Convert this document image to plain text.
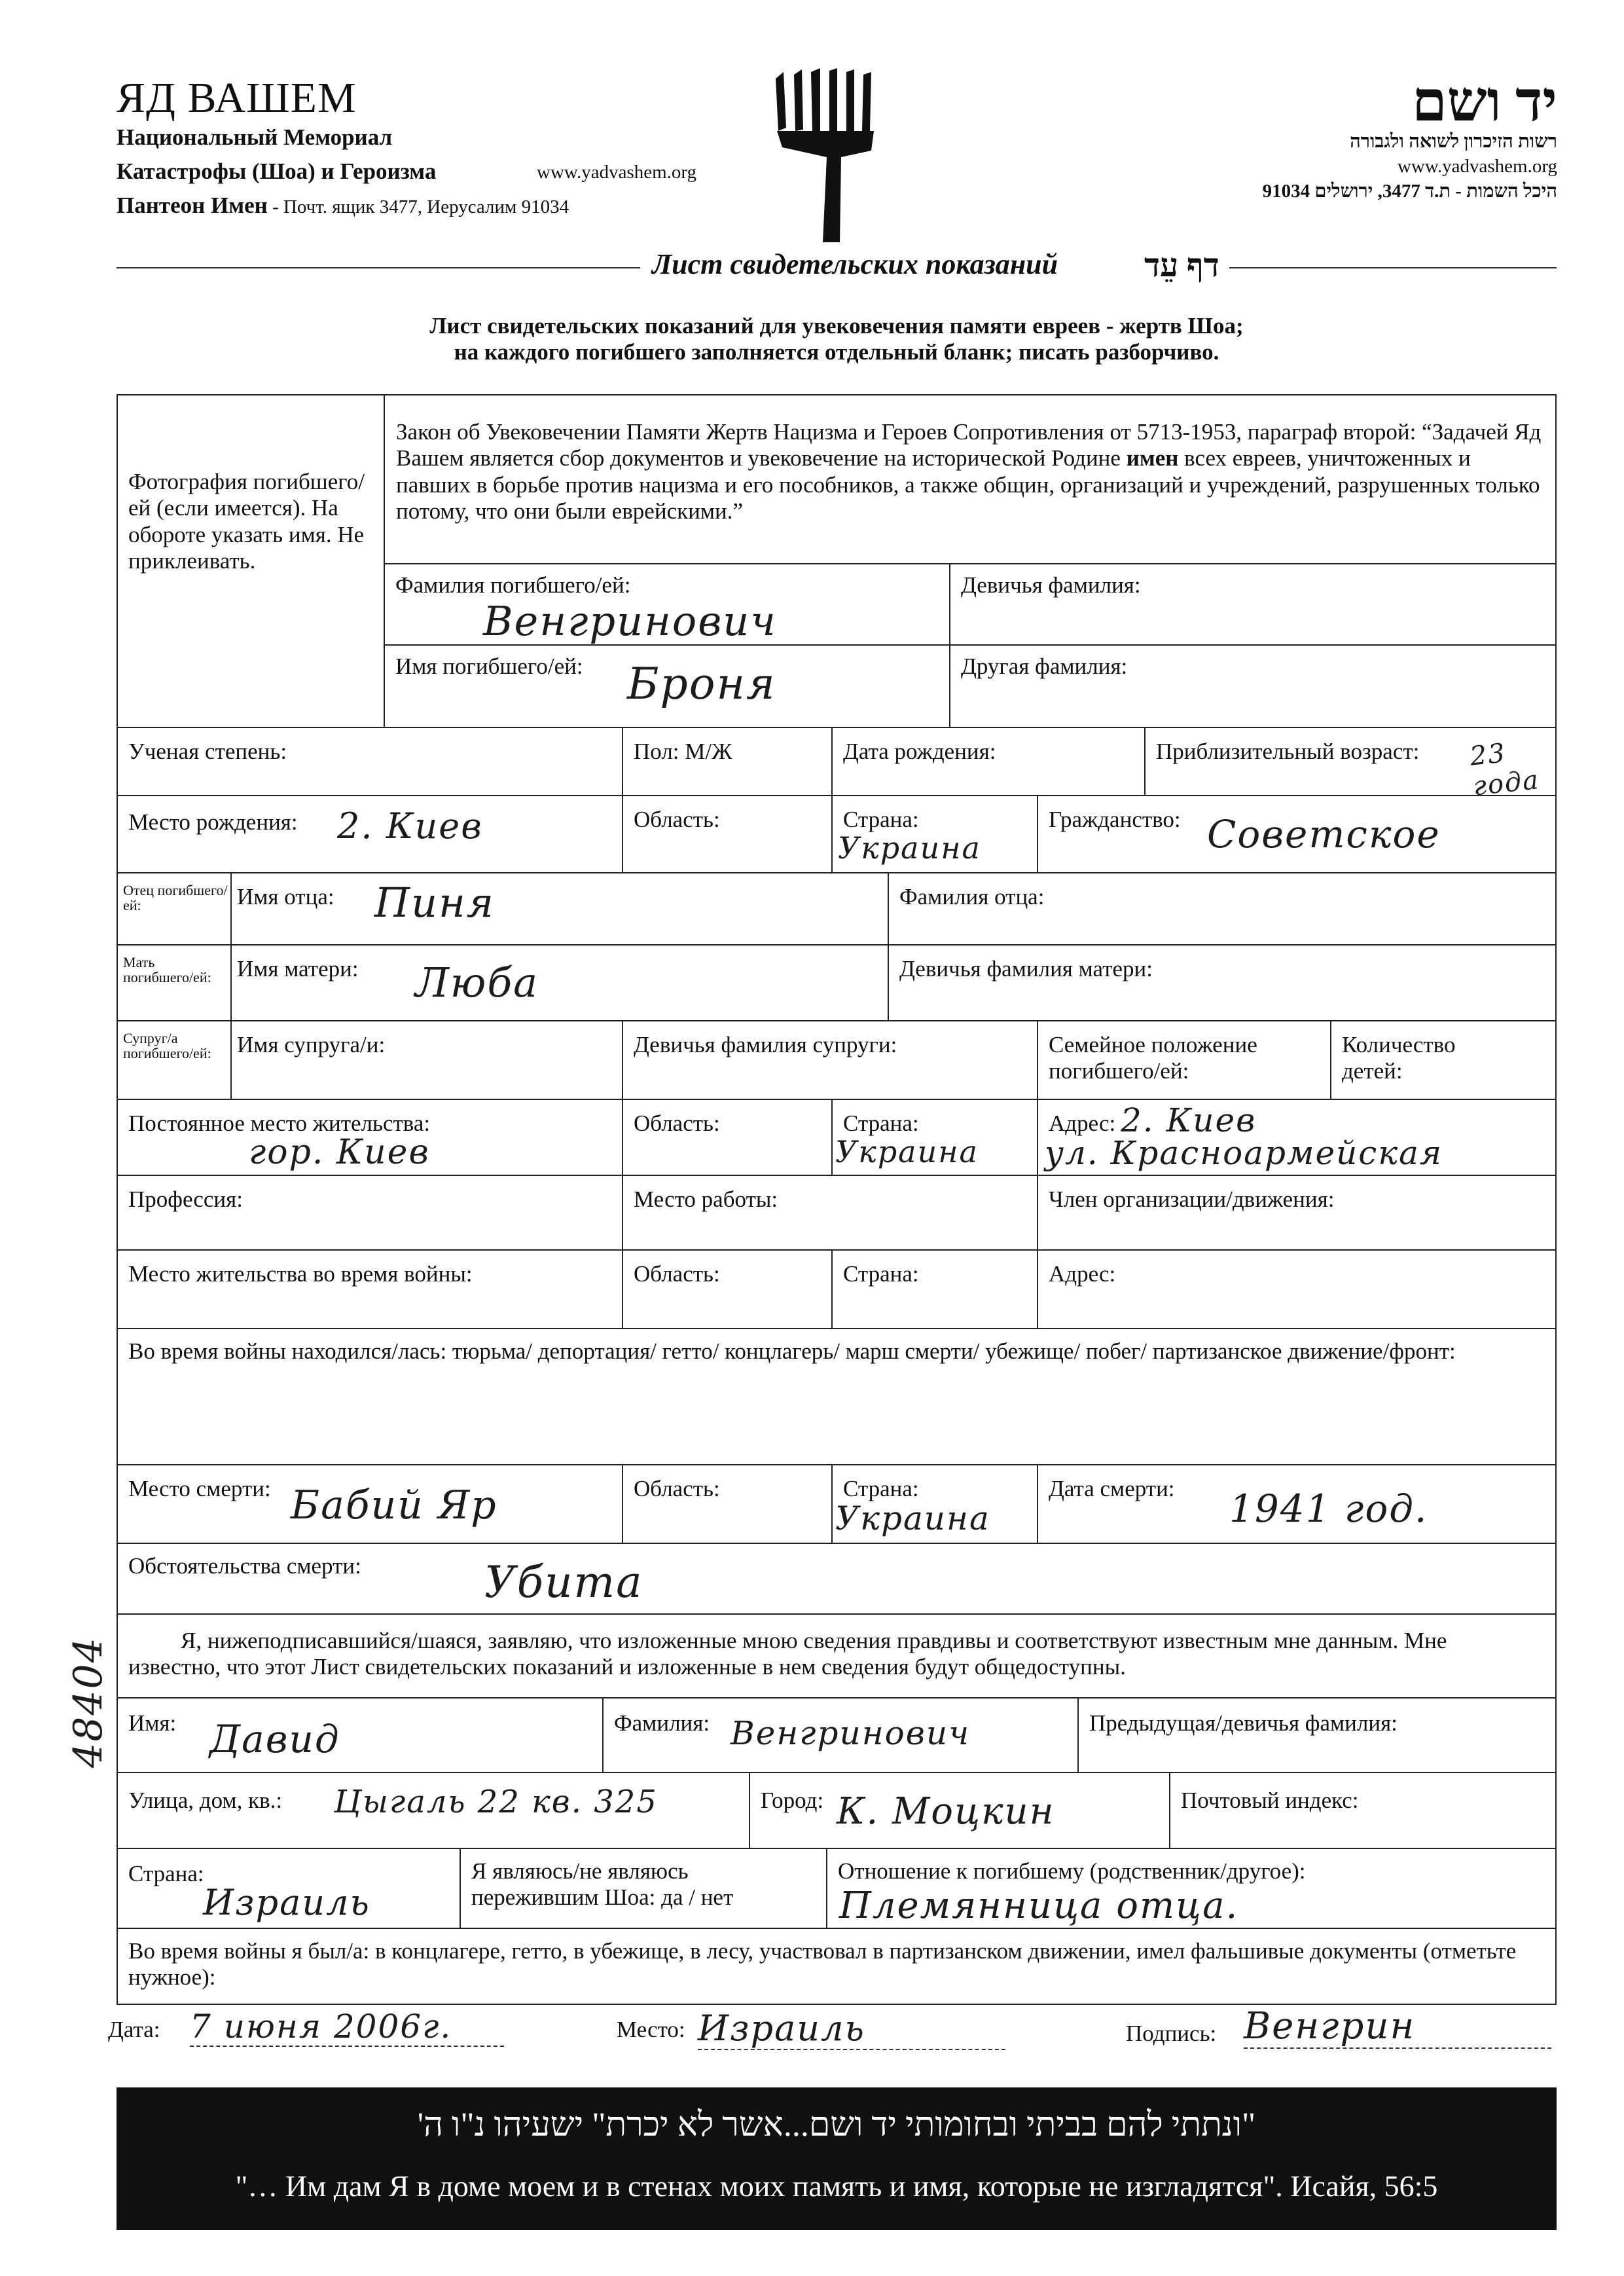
ЯД ВАШЕМ
Национальный Мемориал
Катастрофы (Шоа) и Героизма	www.yadvashem.org
Пантеон Имен - Почт. ящик 3477, Иерусалим 91034
יד ושם
רשות הזיכרון לשואה ולגבורה
www.yadvashem.org
היכל השמות - ת.ד 3477, ירושלים 91034
Лист свидетельских показаний	דף עֵד
Лист свидетельских показаний для увековечения памяти евреев - жертв Шоа;
на каждого погибшего заполняется отдельный бланк; писать разборчиво.
Фотография погибшего/ей (если имеется). На обороте указать имя. Не приклеивать.
Закон об Увековечении Памяти Жертв Нацизма и Героев Сопротивления от 5713-1953, параграф второй: “Задачей Яд Вашем является сбор документов и увековечение на исторической Родине имен всех евреев, уничтоженных и павших в борьбе против нацизма и его пособников, а также общин, организаций и учреждений, разрушенных только потому, что они были еврейскими.”
Фамилия погибшего/ей:
Венгринович
Девичья фамилия:
Имя погибшего/ей: Броня	Другая фамилия:
Ученая степень:	Пол: М/Ж	Дата рождения:	Приблизительный возраст: 23 года
Место рождения: 2. Киев	Область:	Страна:
Украина
Гражданство: Советское
Отец погибшего/ей:	Имя отца: Пиня	Фамилия отца:
Мать погибшего/ей:	Имя матери: Люба	Девичья фамилия матери:
Супруг/а погибшего/ей:	Имя супруга/и:	Девичья фамилия супруги:	Семейное положение погибшего/ей:
Количество детей:
Постоянное место жительства:
гор. Киев
Область:	Страна:
Украина
Адрес: 2. Киев
ул. Красноармейская
Профессия:	Место работы:	Член организации/движения:
Место жительства во время войны:	Область:	Страна:	Адрес:
Во время войны находился/лась: тюрьма/ депортация/ гетто/ концлагерь/ марш смерти/ убежище/ побег/ партизанское движение/фронт:
Место смерти: Бабий Яр	Область:	Страна:
Украина
Дата смерти: 1941 год.
Обстоятельства смерти:	Убита
Я, нижеподписавшийся/шаяся, заявляю, что изложенные мною сведения правдивы и соответствуют известным мне данным. Мне известно, что этот Лист свидетельских показаний и изложенные в нем сведения будут общедоступны.
Имя: Давид	Фамилия: Венгринович	Предыдущая/девичья фамилия:
Улица, дом, кв.: Цыгаль 22 кв. 325	Город: К. Моцкин	Почтовый индекс:
Страна:
Израиль
Я являюсь/не являюсь пережившим Шоа: да / нет
Отношение к погибшему (родственник/другое):
Племянница отца.
Во время войны я был/а: в концлагере, гетто, в убежище, в лесу, участвовал в партизанском движении, имел фальшивые документы (отметьте нужное):
Дата: 7 июня 2006г.	Место: Израиль	Подпись: Венгрин
48404
"ונתתי להם בביתי ובחומותי יד ושם...אשר לא יכרת" ישעיהו נ"ו ה'
"… Им дам Я в доме моем и в стенах моих память и имя, которые не изгладятся". Исайя, 56:5
